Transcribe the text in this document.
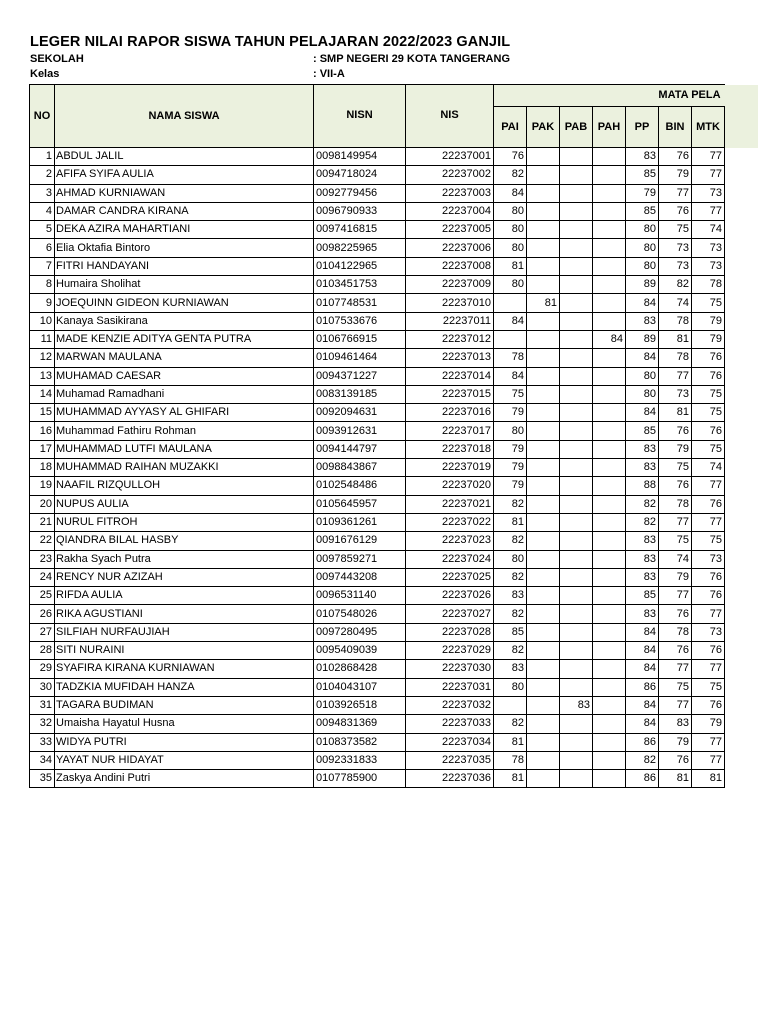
LEGER NILAI RAPOR SISWA TAHUN PELAJARAN 2022/2023 GANJIL
SEKOLAH	: SMP NEGERI 29 KOTA TANGERANG
Kelas	: VII-A
NO	NAMA SISWA	NISN	NIS	MATA PELA							
				PAI	PAK	PAB	PAH	PP	BIN	MTK	
1	ABDUL JALIL	0098149954	22237001	76				83	76	77	
2	AFIFA SYIFA AULIA	0094718024	22237002	82				85	79	77	
3	AHMAD KURNIAWAN	0092779456	22237003	84				79	77	73	
4	DAMAR CANDRA KIRANA	0096790933	22237004	80				85	76	77	
5	DEKA AZIRA MAHARTIANI	0097416815	22237005	80				80	75	74	
6	Elia Oktafia Bintoro	0098225965	22237006	80				80	73	73	
7	FITRI HANDAYANI	0104122965	22237008	81				80	73	73	
8	Humaira Sholihat	0103451753	22237009	80				89	82	78	
9	JOEQUINN GIDEON KURNIAWAN	0107748531	22237010		81			84	74	75	
10	Kanaya Sasikirana	0107533676	22237011	84				83	78	79	
11	MADE KENZIE ADITYA GENTA PUTRA	0106766915	22237012				84	89	81	79	
12	MARWAN MAULANA	0109461464	22237013	78				84	78	76	
13	MUHAMAD CAESAR	0094371227	22237014	84				80	77	76	
14	Muhamad Ramadhani	0083139185	22237015	75				80	73	75	
15	MUHAMMAD AYYASY AL GHIFARI	0092094631	22237016	79				84	81	75	
16	Muhammad Fathiru Rohman	0093912631	22237017	80				85	76	76	
17	MUHAMMAD LUTFI MAULANA	0094144797	22237018	79				83	79	75	
18	MUHAMMAD RAIHAN MUZAKKI	0098843867	22237019	79				83	75	74	
19	NAAFIL RIZQULLOH	0102548486	22237020	79				88	76	77	
20	NUPUS AULIA	0105645957	22237021	82				82	78	76	
21	NURUL FITROH	0109361261	22237022	81				82	77	77	
22	QIANDRA BILAL HASBY	0091676129	22237023	82				83	75	75	
23	Rakha Syach Putra	0097859271	22237024	80				83	74	73	
24	RENCY NUR AZIZAH	0097443208	22237025	82				83	79	76	
25	RIFDA AULIA	0096531140	22237026	83				85	77	76	
26	RIKA AGUSTIANI	0107548026	22237027	82				83	76	77	
27	SILFIAH NURFAUJIAH	0097280495	22237028	85				84	78	73	
28	SITI NURAINI	0095409039	22237029	82				84	76	76	
29	SYAFIRA KIRANA KURNIAWAN	0102868428	22237030	83				84	77	77	
30	TADZKIA MUFIDAH HANZA	0104043107	22237031	80				86	75	75	
31	TAGARA BUDIMAN	0103926518	22237032			83		84	77	76	
32	Umaisha Hayatul Husna	0094831369	22237033	82				84	83	79	
33	WIDYA PUTRI	0108373582	22237034	81				86	79	77	
34	YAYAT NUR HIDAYAT	0092331833	22237035	78				82	76	77	
35	Zaskya Andini Putri	0107785900	22237036	81				86	81	81	
